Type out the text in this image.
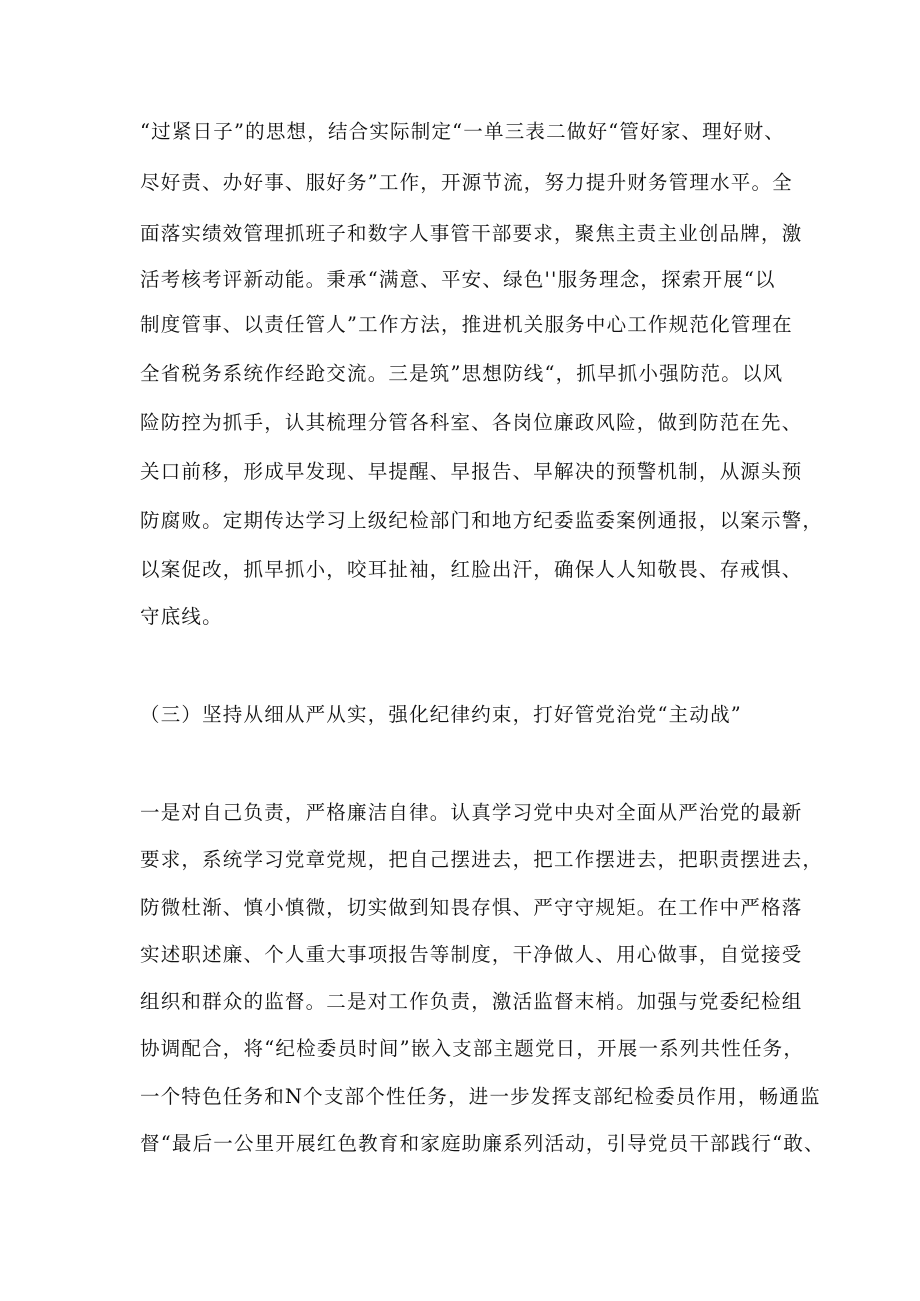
“过紧日子”的思想，结合实际制定“一单三表二做好“管好家、理好财、
尽好责、办好事、服好务”工作，开源节流，努力提升财务管理水平。全
面落实绩效管理抓班子和数字人事管干部要求，聚焦主责主业创品牌，激
活考核考评新动能。秉承“满意、平安、绿色''服务理念，探索开展“以
制度管事、以责任管人”工作方法，推进机关服务中心工作规范化管理在
全省税务系统作经跄交流。三是筑”思想防线“，抓早抓小强防范。以风
险防控为抓手，认其梳理分管各科室、各岗位廉政风险，做到防范在先、
关口前移，形成早发现、早提醒、早报告、早解决的预警机制，从源头预
防腐败。定期传达学习上级纪检部门和地方纪委监委案例通报，以案示警，
以案促改，抓早抓小，咬耳扯袖，红脸出汗，确保人人知敬畏、存戒惧、
守底线。
（三）坚持从细从严从实，强化纪律约束，打好管党治党“主动战”
一是对自己负责，严格廉洁自律。认真学习党中央对全面从严治党的最新
要求，系统学习党章党规，把自己摆进去，把工作摆进去，把职责摆进去，
防微杜渐、慎小慎微，切实做到知畏存惧、严守守规矩。在工作中严格落
实述职述廉、个人重大事项报告等制度，干净做人、用心做事，自觉接受
组织和群众的监督。二是对工作负责，激活监督末梢。加强与党委纪检组
协调配合，将“纪检委员时间”嵌入支部主题党日，开展一系列共性任务，
一个特色任务和N个支部个性任务，进一步发挥支部纪检委员作用，畅通监
督“最后一公里开展红色教育和家庭助廉系列活动，引导党员干部践行“敢、
